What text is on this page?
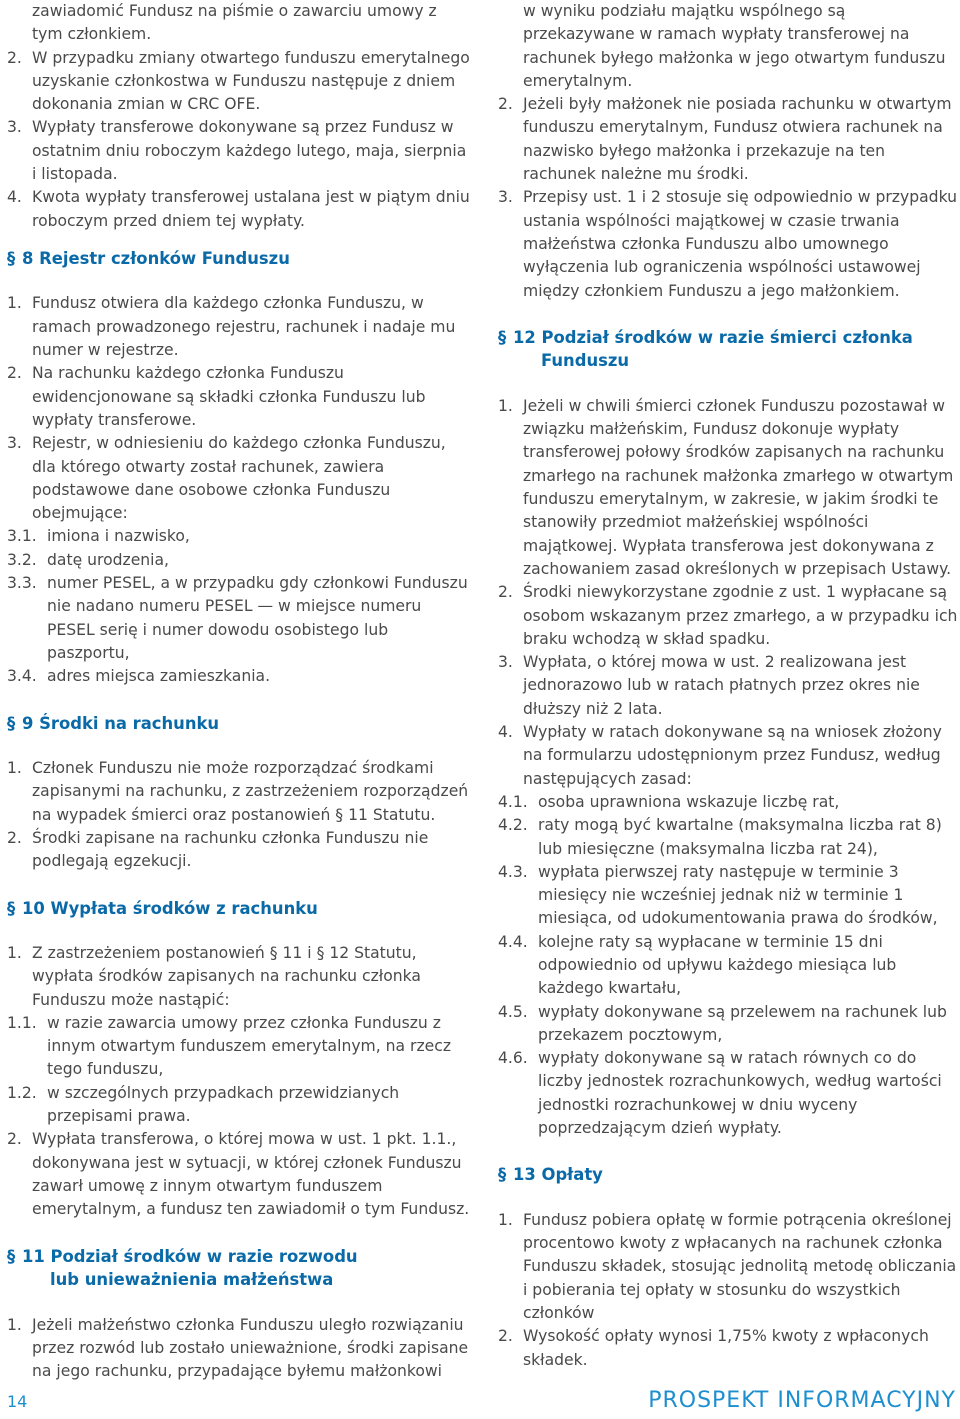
zawiadomić Fundusz na piśmie o zawarciu umowy z tym członkiem.
2. W przypadku zmiany otwartego funduszu emerytalnego uzyskanie członkostwa w Funduszu następuje z dniem dokonania zmian w CRC OFE.
3. Wypłaty transferowe dokonywane są przez Fundusz w ostatnim dniu roboczym każdego lutego, maja, sierpnia i listopada.
4. Kwota wypłaty transferowej ustalana jest w piątym dniu roboczym przed dniem tej wypłaty.
§ 8 Rejestr członków Funduszu
1. Fundusz otwiera dla każdego członka Funduszu, w ramach prowadzonego rejestru, rachunek i nadaje mu numer w rejestrze.
2. Na rachunku każdego członka Funduszu ewidencjonowane są składki członka Funduszu lub wypłaty transferowe.
3. Rejestr, w odniesieniu do każdego członka Funduszu, dla którego otwarty został rachunek, zawiera podstawowe dane osobowe członka Funduszu obejmujące:
3.1. imiona i nazwisko,
3.2. datę urodzenia,
3.3. numer PESEL, a w przypadku gdy członkowi Funduszu nie nadano numeru PESEL — w miejsce numeru PESEL serię i numer dowodu osobistego lub paszportu,
3.4. adres miejsca zamieszkania.
§ 9 Środki na rachunku
1. Członek Funduszu nie może rozporządzać środkami zapisanymi na rachunku, z zastrzeżeniem rozporządzeń na wypadek śmierci oraz postanowień § 11 Statutu.
2. Środki zapisane na rachunku członka Funduszu nie podlegają egzekucji.
§ 10 Wypłata środków z rachunku
1. Z zastrzeżeniem postanowień § 11 i § 12 Statutu, wypłata środków zapisanych na rachunku członka Funduszu może nastąpić:
1.1. w razie zawarcia umowy przez członka Funduszu z innym otwartym funduszem emerytalnym, na rzecz tego funduszu,
1.2. w szczególnych przypadkach przewidzianych przepisami prawa.
2. Wypłata transferowa, o której mowa w ust. 1 pkt. 1.1., dokonywana jest w sytuacji, w której członek Funduszu zawarł umowę z innym otwartym funduszem emerytalnym, a fundusz ten zawiadomił o tym Fundusz.
§ 11 Podział środków w razie rozwodu
lub unieważnienia małżeństwa
1. Jeżeli małżeństwo członka Funduszu uległo rozwiązaniu przez rozwód lub zostało unieważnione, środki zapisane na jego rachunku, przypadające byłemu małżonkowi
w wyniku podziału majątku wspólnego są przekazywane w ramach wypłaty transferowej na rachunek byłego małżonka w jego otwartym funduszu emerytalnym.
2. Jeżeli były małżonek nie posiada rachunku w otwartym funduszu emerytalnym, Fundusz otwiera rachunek na nazwisko byłego małżonka i przekazuje na ten rachunek należne mu środki.
3. Przepisy ust. 1 i 2 stosuje się odpowiednio w przypadku ustania wspólności majątkowej w czasie trwania małżeństwa członka Funduszu albo umownego wyłączenia lub ograniczenia wspólności ustawowej między członkiem Funduszu a jego małżonkiem.
§ 12 Podział środków w razie śmierci członka
Funduszu
1. Jeżeli w chwili śmierci członek Funduszu pozostawał w związku małżeńskim, Fundusz dokonuje wypłaty transferowej połowy środków zapisanych na rachunku zmarłego na rachunek małżonka zmarłego w otwartym funduszu emerytalnym, w zakresie, w jakim środki te stanowiły przedmiot małżeńskiej wspólności majątkowej. Wypłata transferowa jest dokonywana z zachowaniem zasad określonych w przepisach Ustawy.
2. Środki niewykorzystane zgodnie z ust. 1 wypłacane są osobom wskazanym przez zmarłego, a w przypadku ich braku wchodzą w skład spadku.
3. Wypłata, o której mowa w ust. 2 realizowana jest jednorazowo lub w ratach płatnych przez okres nie dłuższy niż 2 lata.
4. Wypłaty w ratach dokonywane są na wniosek złożony na formularzu udostępnionym przez Fundusz, według następujących zasad:
4.1. osoba uprawniona wskazuje liczbę rat,
4.2. raty mogą być kwartalne (maksymalna liczba rat 8) lub miesięczne (maksymalna liczba rat 24),
4.3. wypłata pierwszej raty następuje w terminie 3 miesięcy nie wcześniej jednak niż w terminie 1 miesiąca, od udokumentowania prawa do środków,
4.4. kolejne raty są wypłacane w terminie 15 dni odpowiednio od upływu każdego miesiąca lub każdego kwartału,
4.5. wypłaty dokonywane są przelewem na rachunek lub przekazem pocztowym,
4.6. wypłaty dokonywane są w ratach równych co do liczby jednostek rozrachunkowych, według wartości jednostki rozrachunkowej w dniu wyceny poprzedzającym dzień wypłaty.
§ 13 Opłaty
1. Fundusz pobiera opłatę w formie potrącenia określonej procentowo kwoty z wpłacanych na rachunek członka Funduszu składek, stosując jednolitą metodę obliczania i pobierania tej opłaty w stosunku do wszystkich członków
2. Wysokość opłaty wynosi 1,75% kwoty z wpłaconych składek.
14	PROSPEKT INFORMACYJNY
